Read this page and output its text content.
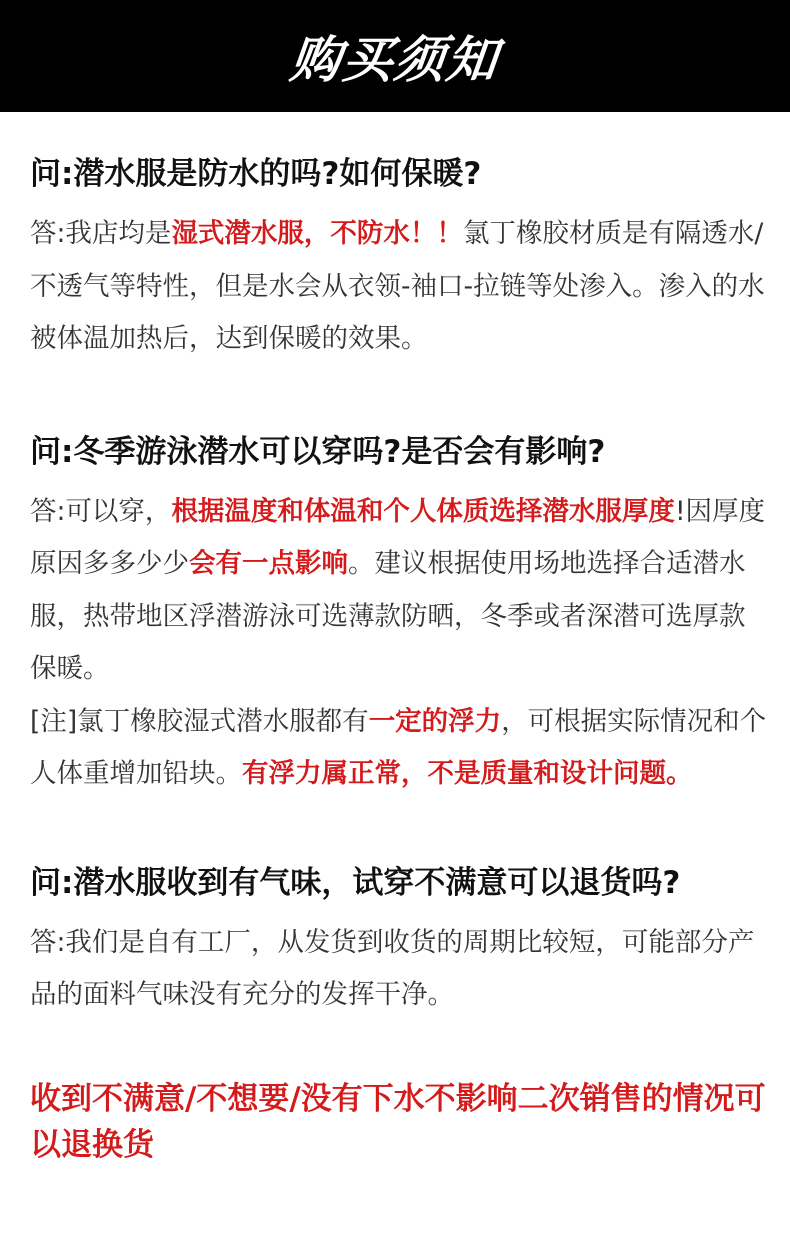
购买须知

问:潜水服是防水的吗?如何保暖?

答:我店均是湿式潜水服，不防水！！氯丁橡胶材质是有隔透水/不透气等特性，但是水会从衣领-袖口-拉链等处渗入。渗入的水被体温加热后，达到保暖的效果。

问:冬季游泳潜水可以穿吗?是否会有影响?

答:可以穿，根据温度和体温和个人体质选择潜水服厚度!因厚度原因多多少少会有一点影响。建议根据使用场地选择合适潜水服，热带地区浮潜游泳可选薄款防晒，冬季或者深潜可选厚款保暖。

[注]氯丁橡胶湿式潜水服都有一定的浮力，可根据实际情况和个人体重增加铅块。有浮力属正常，不是质量和设计问题。

问:潜水服收到有气味，试穿不满意可以退货吗?

答:我们是自有工厂，从发货到收货的周期比较短，可能部分产品的面料气味没有充分的发挥干净。

收到不满意/不想要/没有下水不影响二次销售的情况可以退换货
